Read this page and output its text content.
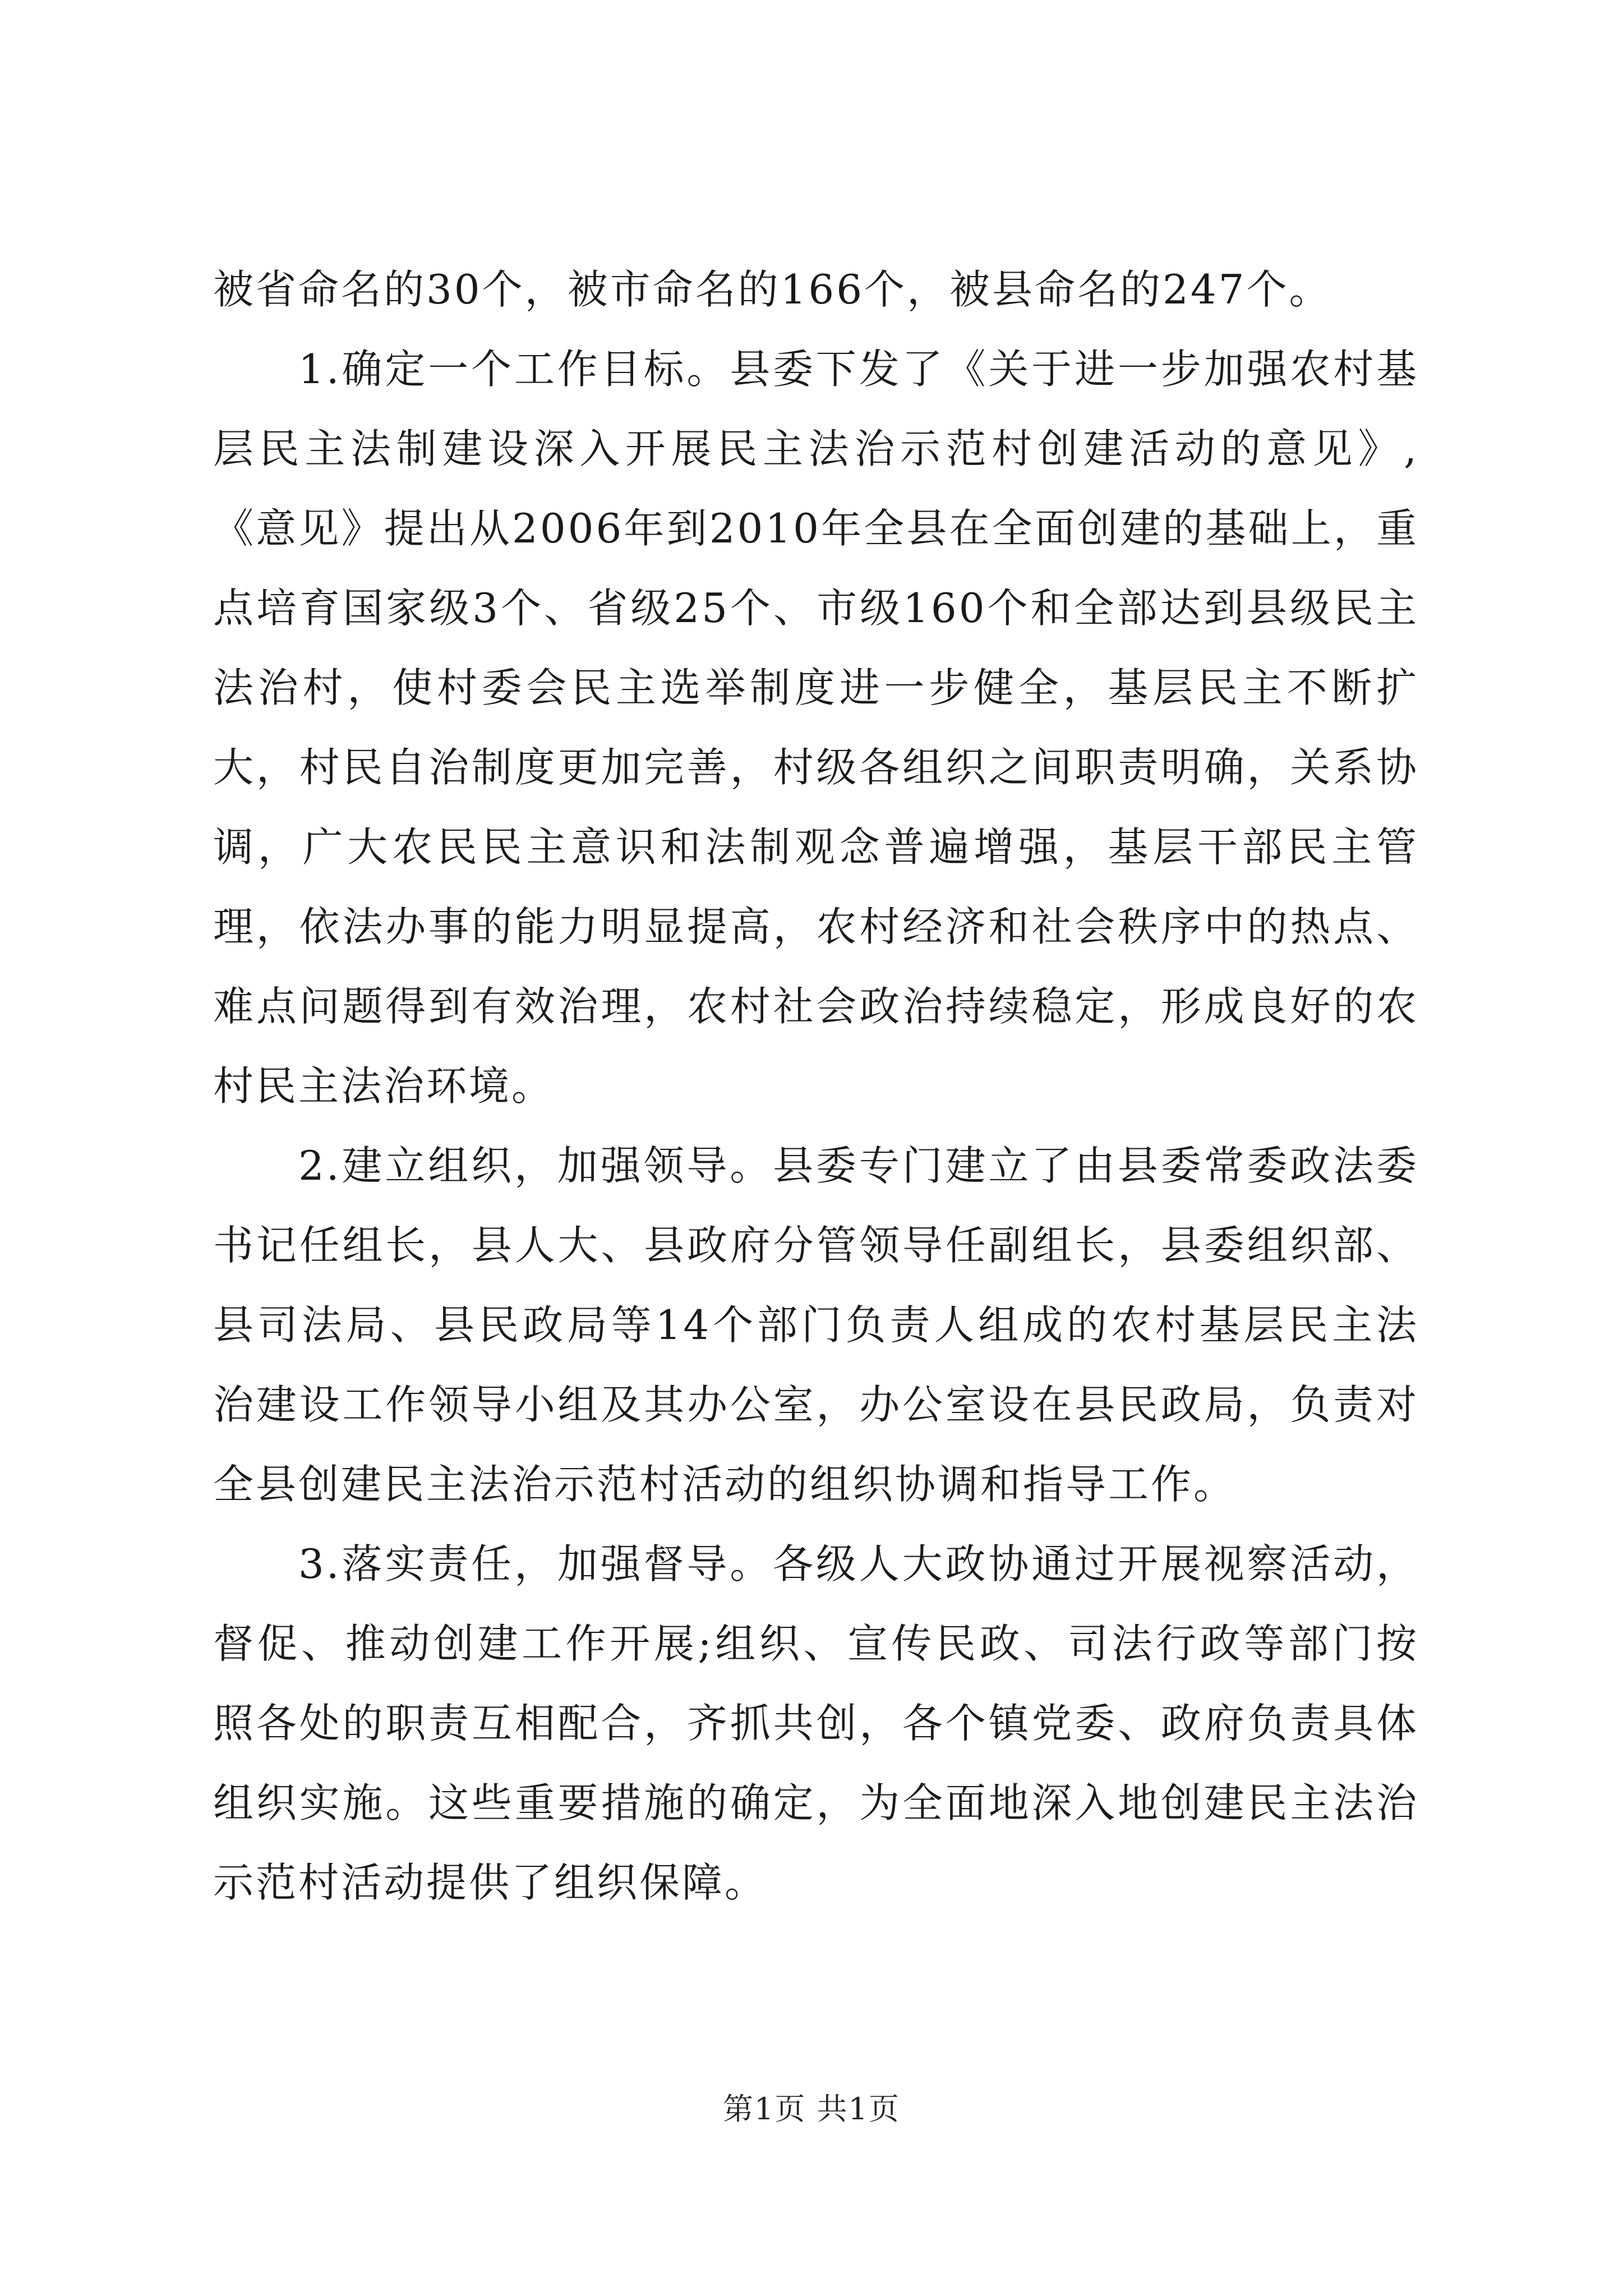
被省命名的30个，被市命名的166个，被县命名的247个。

1.确定一个工作目标。县委下发了《关于进一步加强农村基层民主法制建设深入开展民主法治示范村创建活动的意见》,《意见》提出从2006年到2010年全县在全面创建的基础上，重点培育国家级3个、省级25个、市级160个和全部达到县级民主法治村，使村委会民主选举制度进一步健全，基层民主不断扩大，村民自治制度更加完善，村级各组织之间职责明确，关系协调，广大农民民主意识和法制观念普遍增强，基层干部民主管理，依法办事的能力明显提高，农村经济和社会秩序中的热点、难点问题得到有效治理，农村社会政治持续稳定，形成良好的农村民主法治环境。

2.建立组织，加强领导。县委专门建立了由县委常委政法委书记任组长，县人大、县政府分管领导任副组长，县委组织部、县司法局、县民政局等14个部门负责人组成的农村基层民主法治建设工作领导小组及其办公室，办公室设在县民政局，负责对全县创建民主法治示范村活动的组织协调和指导工作。

3.落实责任，加强督导。各级人大政协通过开展视察活动，督促、推动创建工作开展;组织、宣传民政、司法行政等部门按照各处的职责互相配合，齐抓共创，各个镇党委、政府负责具体组织实施。这些重要措施的确定，为全面地深入地创建民主法治示范村活动提供了组织保障。

第1页 共1页
